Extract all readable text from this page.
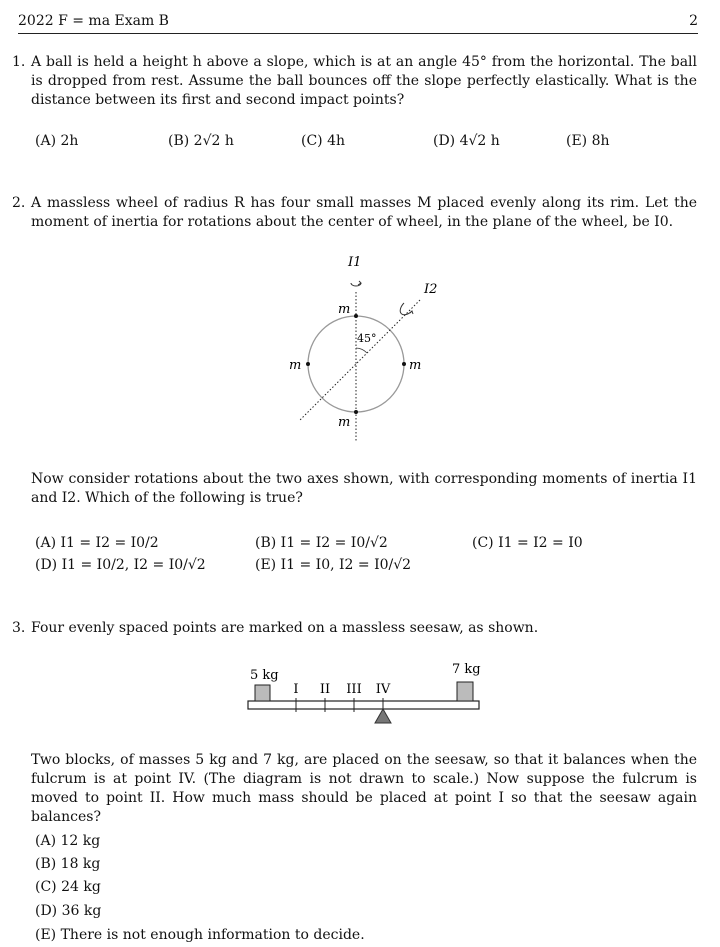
2022 F = ma Exam B	2
1. A ball is held a height h above a slope, which is at an angle 45° from the horizontal. The ball is dropped from rest. Assume the ball bounces off the slope perfectly elastically. What is the distance between its first and second impact points?
(A) 2h	(B) 2√2 h	(C) 4h	(D) 4√2 h	(E) 8h
2. A massless wheel of radius R has four small masses M placed evenly along its rim. Let the moment of inertia for rotations about the center of wheel, in the plane of the wheel, be I0.
I1
I2
m
m
m	m
45°
Now consider rotations about the two axes shown, with corresponding moments of inertia I1 and I2. Which of the following is true?
(A) I1 = I2 = I0/2	(B) I1 = I2 = I0/√2	(C) I1 = I2 = I0
(D) I1 = I0/2, I2 = I0/√2	(E) I1 = I0, I2 = I0/√2
3. Four evenly spaced points are marked on a massless seesaw, as shown.
5 kg	7 kg
I II III IV
Two blocks, of masses 5 kg and 7 kg, are placed on the seesaw, so that it balances when the fulcrum is at point IV. (The diagram is not drawn to scale.) Now suppose the fulcrum is moved to point II. How much mass should be placed at point I so that the seesaw again balances?
(A) 12 kg
(B) 18 kg
(C) 24 kg
(D) 36 kg
(E) There is not enough information to decide.
